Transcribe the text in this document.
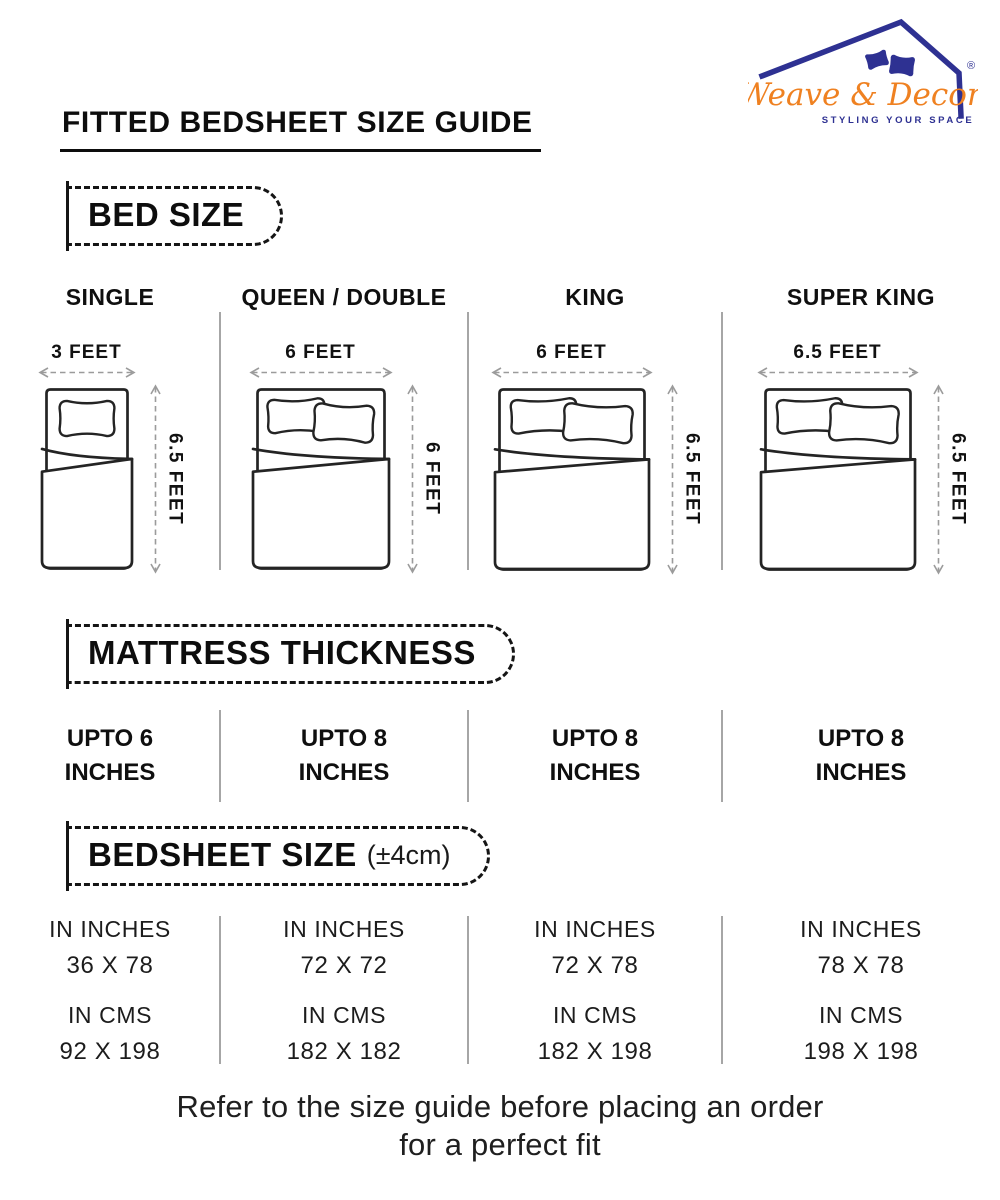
®
Weave & Decor
STYLING YOUR SPACE
FITTED BEDSHEET SIZE GUIDE
BED SIZE
SINGLE
3 FEET
6.5 FEET
QUEEN / DOUBLE
6 FEET
6 FEET
KING
6 FEET
6.5 FEET
SUPER KING
6.5 FEET
6.5 FEET
MATTRESS THICKNESS
UPTO 6 INCHES
UPTO 8 INCHES
UPTO 8 INCHES
UPTO 8 INCHES
BEDSHEET SIZE (±4cm)
IN INCHES
36 X 78
IN CMS
92 X 198
IN INCHES
72 X 72
IN CMS
182 X 182
IN INCHES
72 X 78
IN CMS
182 X 198
IN INCHES
78 X 78
IN CMS
198 X 198
Refer to the size guide before placing an order
for a perfect fit
